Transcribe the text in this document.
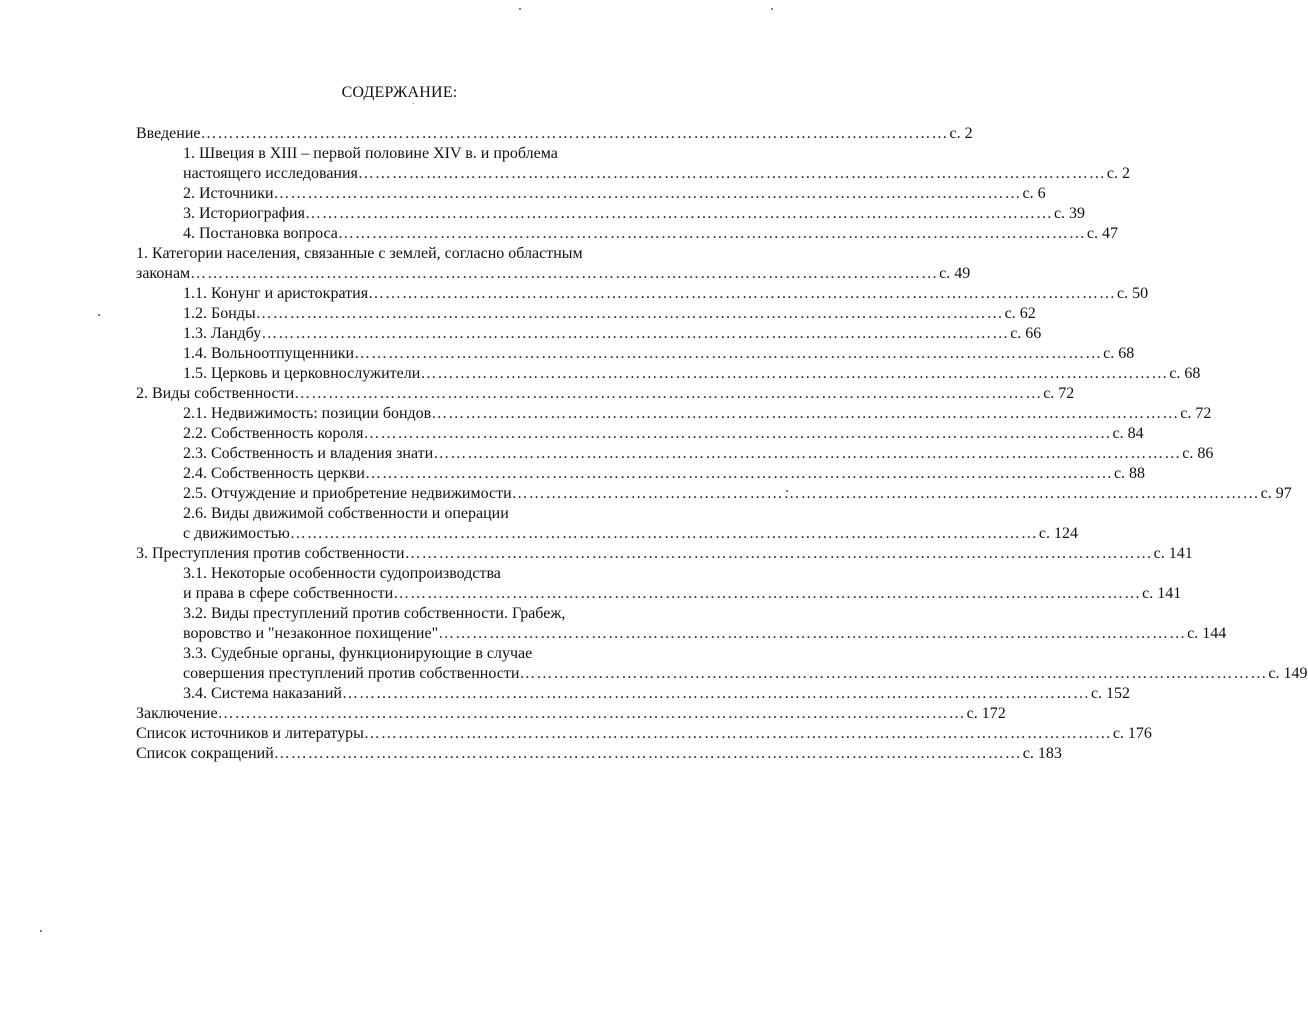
СОДЕРЖАНИЕ:
Введение …………………………………………………………………………………………………………………… c. 2
1. Швеция в XIII – первой половине XIV в. и проблема
настоящего исследования …………………………………………………………………………………………………………………… c. 2
2. Источники …………………………………………………………………………………………………………………… c. 6
3. Историография …………………………………………………………………………………………………………………… c. 39
4. Постановка вопроса …………………………………………………………………………………………………………………… c. 47
1. Категории населения, связанные с землей, согласно областным
законам …………………………………………………………………………………………………………………… c. 49
1.1. Конунг и аристократия …………………………………………………………………………………………………………………… c. 50
1.2. Бонды …………………………………………………………………………………………………………………… c. 62
1.3. Ландбу …………………………………………………………………………………………………………………… c. 66
1.4. Вольноотпущенники …………………………………………………………………………………………………………………… c. 68
1.5. Церковь и церковнослужители …………………………………………………………………………………………………………………… c. 68
2. Виды собственности …………………………………………………………………………………………………………………… c. 72
2.1. Недвижимость: позиции бондов …………………………………………………………………………………………………………………… c. 72
2.2. Собственность короля …………………………………………………………………………………………………………………… c. 84
2.3. Собственность и владения знати …………………………………………………………………………………………………………………… c. 86
2.4. Собственность церкви …………………………………………………………………………………………………………………… c. 88
2.5. Отчуждение и приобретение недвижимости …………………………………………………………………………………………………………………… c. 97
2.6. Виды движимой собственности и операции
с движимостью …………………………………………………………………………………………………………………… c. 124
3. Преступления против собственности …………………………………………………………………………………………………………………… c. 141
3.1. Некоторые особенности судопроизводства
и права в сфере собственности …………………………………………………………………………………………………………………… c. 141
3.2. Виды преступлений против собственности. Грабеж,
воровство и "незаконное похищение" …………………………………………………………………………………………………………………… c. 144
3.3. Судебные органы, функционирующие в случае
совершения преступлений против собственности …………………………………………………………………………………………………………………… c. 149
3.4. Система наказаний …………………………………………………………………………………………………………………… c. 152
Заключение …………………………………………………………………………………………………………………… c. 172
Список источников и литературы …………………………………………………………………………………………………………………… c. 176
Список сокращений …………………………………………………………………………………………………………………… c. 183
